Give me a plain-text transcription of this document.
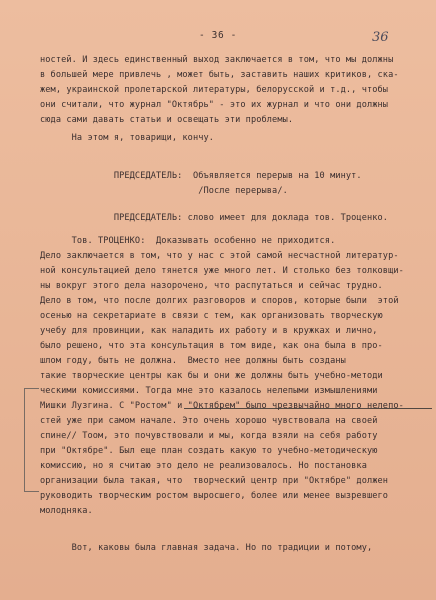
- 36 -	36
ностей. И здесь единственный выход заключается в том, что мы должны
в большей мере привлечь , может быть, заставить наших критиков, ска-
жем, украинской пролетарской литературы, белорусской и т.д., чтобы
они считали, что журнал "Октябрь" - это их журнал и что они должны
сюда сами давать статьи и освещать эти проблемы.
На этом я, товарищи, кончу.
ПРЕДСЕДАТЕЛЬ:  Объявляется перерыв на 10 минут.
/После перерыва/.
ПРЕДСЕДАТЕЛЬ: слово имеет для доклада тов. Троценко.
Тов. ТРОЦЕНКО:  Доказывать особенно не приходится.
Дело заключается в том, что у нас с этой самой несчастной литератур-
ной консультацией дело тянется уже много лет. И столько без толковщи-
ны вокруг этого дела назорочено, что распутаться и сейчас трудно.
Дело в том, что после долгих разговоров и споров, которые были  этой
осенью на секретариате в связи с тем, как организовать творческую
учебу для провинции, как наладить их работу и в кружках и лично,
было решено, что эта консультация в том виде, как она была в про-
шлом году, быть не должна.  Вместо нее должны быть созданы
такие творческие центры как бы и они же должны быть учебно-методи
ческими комиссиями. Тогда мне это казалось нелепыми измышлениями
Мишки Лузгина. С "Ростом" и "Октябрем" было чрезвычайно много нелепо-
стей уже при самом начале. Это очень хорошо чувствовала на своей
спине// Тоом, это почувствовали и мы, когда взяли на себя работу
при "Октябре". Был еще план создать какую то учебно-методическую
комиссию, но я считаю это дело не реализовалось. Но постановка
организации была такая, что  творческий центр при "Октябре" должен
руководить творческим ростом выросшего, более или менее вызревшего
молодняка.
Вот, каковы была главная задача. Но по традиции и потому,
